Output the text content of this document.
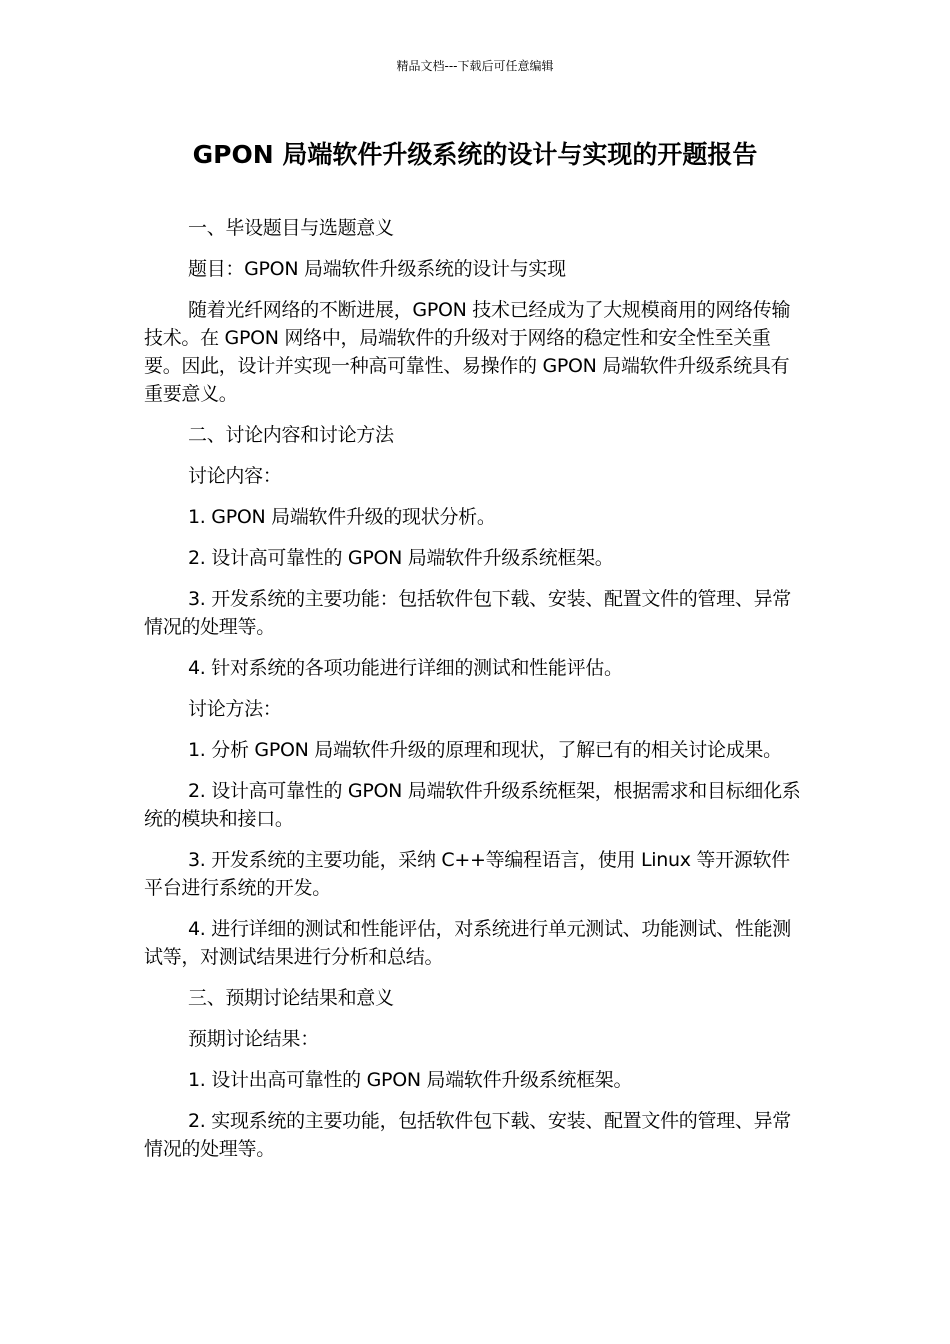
精品文档---下载后可任意编辑
GPON 局端软件升级系统的设计与实现的开题报告

一、毕设题目与选题意义

题目：GPON 局端软件升级系统的设计与实现

随着光纤网络的不断进展，GPON 技术已经成为了大规模商用的网络传输技术。在 GPON 网络中，局端软件的升级对于网络的稳定性和安全性至关重要。因此，设计并实现一种高可靠性、易操作的 GPON 局端软件升级系统具有重要意义。

二、讨论内容和讨论方法

讨论内容：

1. GPON 局端软件升级的现状分析。

2. 设计高可靠性的 GPON 局端软件升级系统框架。

3. 开发系统的主要功能：包括软件包下载、安装、配置文件的管理、异常情况的处理等。

4. 针对系统的各项功能进行详细的测试和性能评估。

讨论方法：

1. 分析 GPON 局端软件升级的原理和现状，了解已有的相关讨论成果。

2. 设计高可靠性的 GPON 局端软件升级系统框架，根据需求和目标细化系统的模块和接口。

3. 开发系统的主要功能，采纳 C++等编程语言，使用 Linux 等开源软件平台进行系统的开发。

4. 进行详细的测试和性能评估，对系统进行单元测试、功能测试、性能测试等，对测试结果进行分析和总结。

三、预期讨论结果和意义

预期讨论结果：

1. 设计出高可靠性的 GPON 局端软件升级系统框架。

2. 实现系统的主要功能，包括软件包下载、安装、配置文件的管理、异常情况的处理等。
